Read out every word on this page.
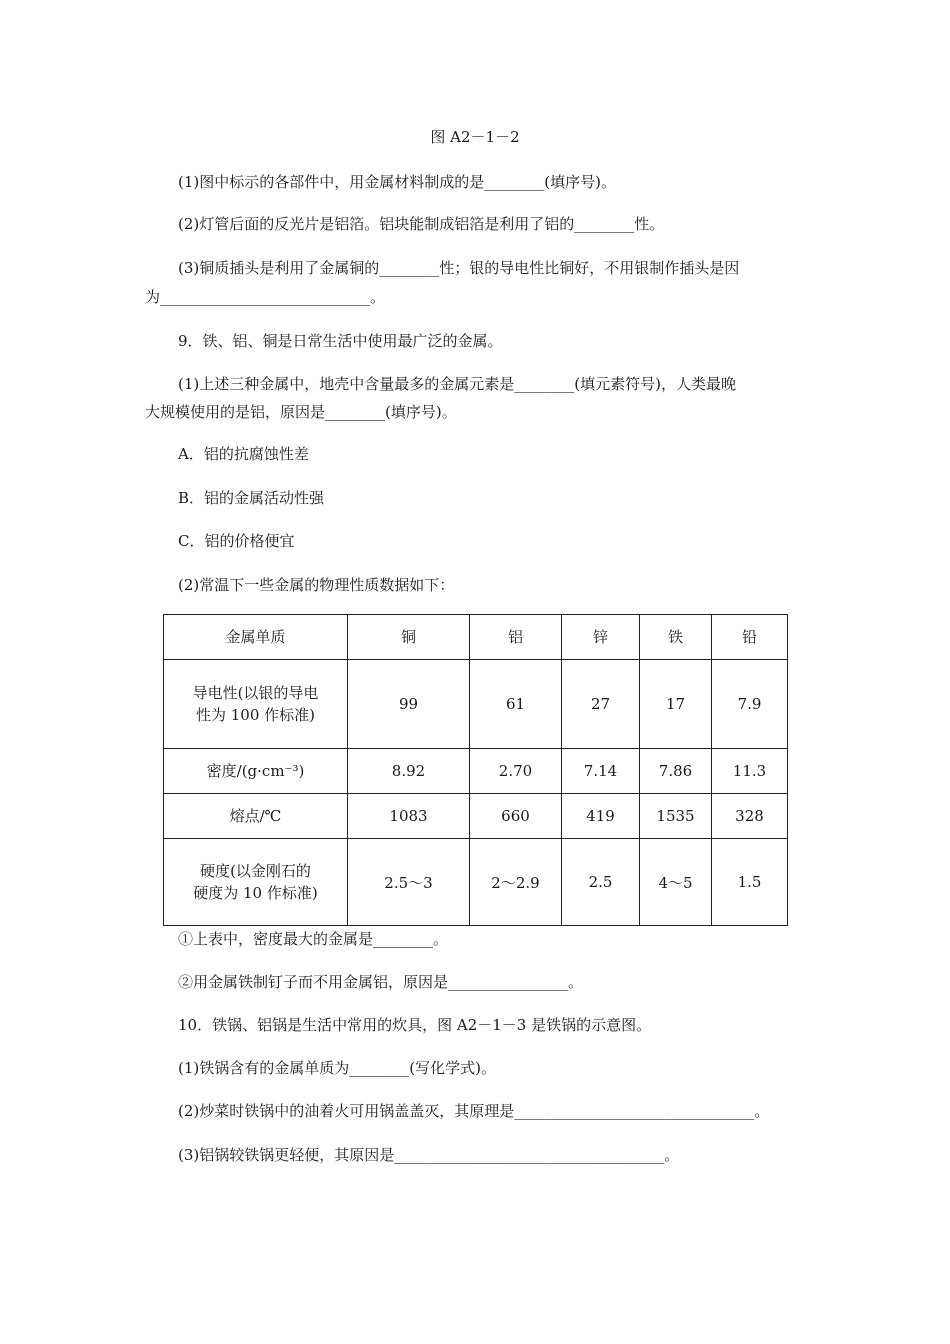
图 A2－1－2
(1)图中标示的各部件中，用金属材料制成的是________(填序号)。
(2)灯管后面的反光片是铝箔。铝块能制成铝箔是利用了铝的________性。
(3)铜质插头是利用了金属铜的________性；银的导电性比铜好，不用银制作插头是因
为____________________________。
9．铁、铝、铜是日常生活中使用最广泛的金属。
(1)上述三种金属中，地壳中含量最多的金属元素是________(填元素符号)，人类最晚
大规模使用的是铝，原因是________(填序号)。
A．铝的抗腐蚀性差
B．铝的金属活动性强
C．铝的价格便宜
(2)常温下一些金属的物理性质数据如下：
金属单质	铜	铝	锌	铁	铅

导电性(以银的导电
性为 100 作标准)	99	61	27	17	7.9
密度/(g·cm⁻³)	8.92	2.70	7.14	7.86	11.3
熔点/℃	1083	660	419	1535	328

硬度(以金刚石的
硬度为 10 作标准)	2.5～3	2～2.9	2.5	4～5	1.5
①上表中，密度最大的金属是________。
②用金属铁制钉子而不用金属铝，原因是________________。
10．铁锅、铝锅是生活中常用的炊具，图 A2－1－3 是铁锅的示意图。
(1)铁锅含有的金属单质为________(写化学式)。
(2)炒菜时铁锅中的油着火可用锅盖盖灭，其原理是________________________________。
(3)铝锅较铁锅更轻便，其原因是____________________________________。
